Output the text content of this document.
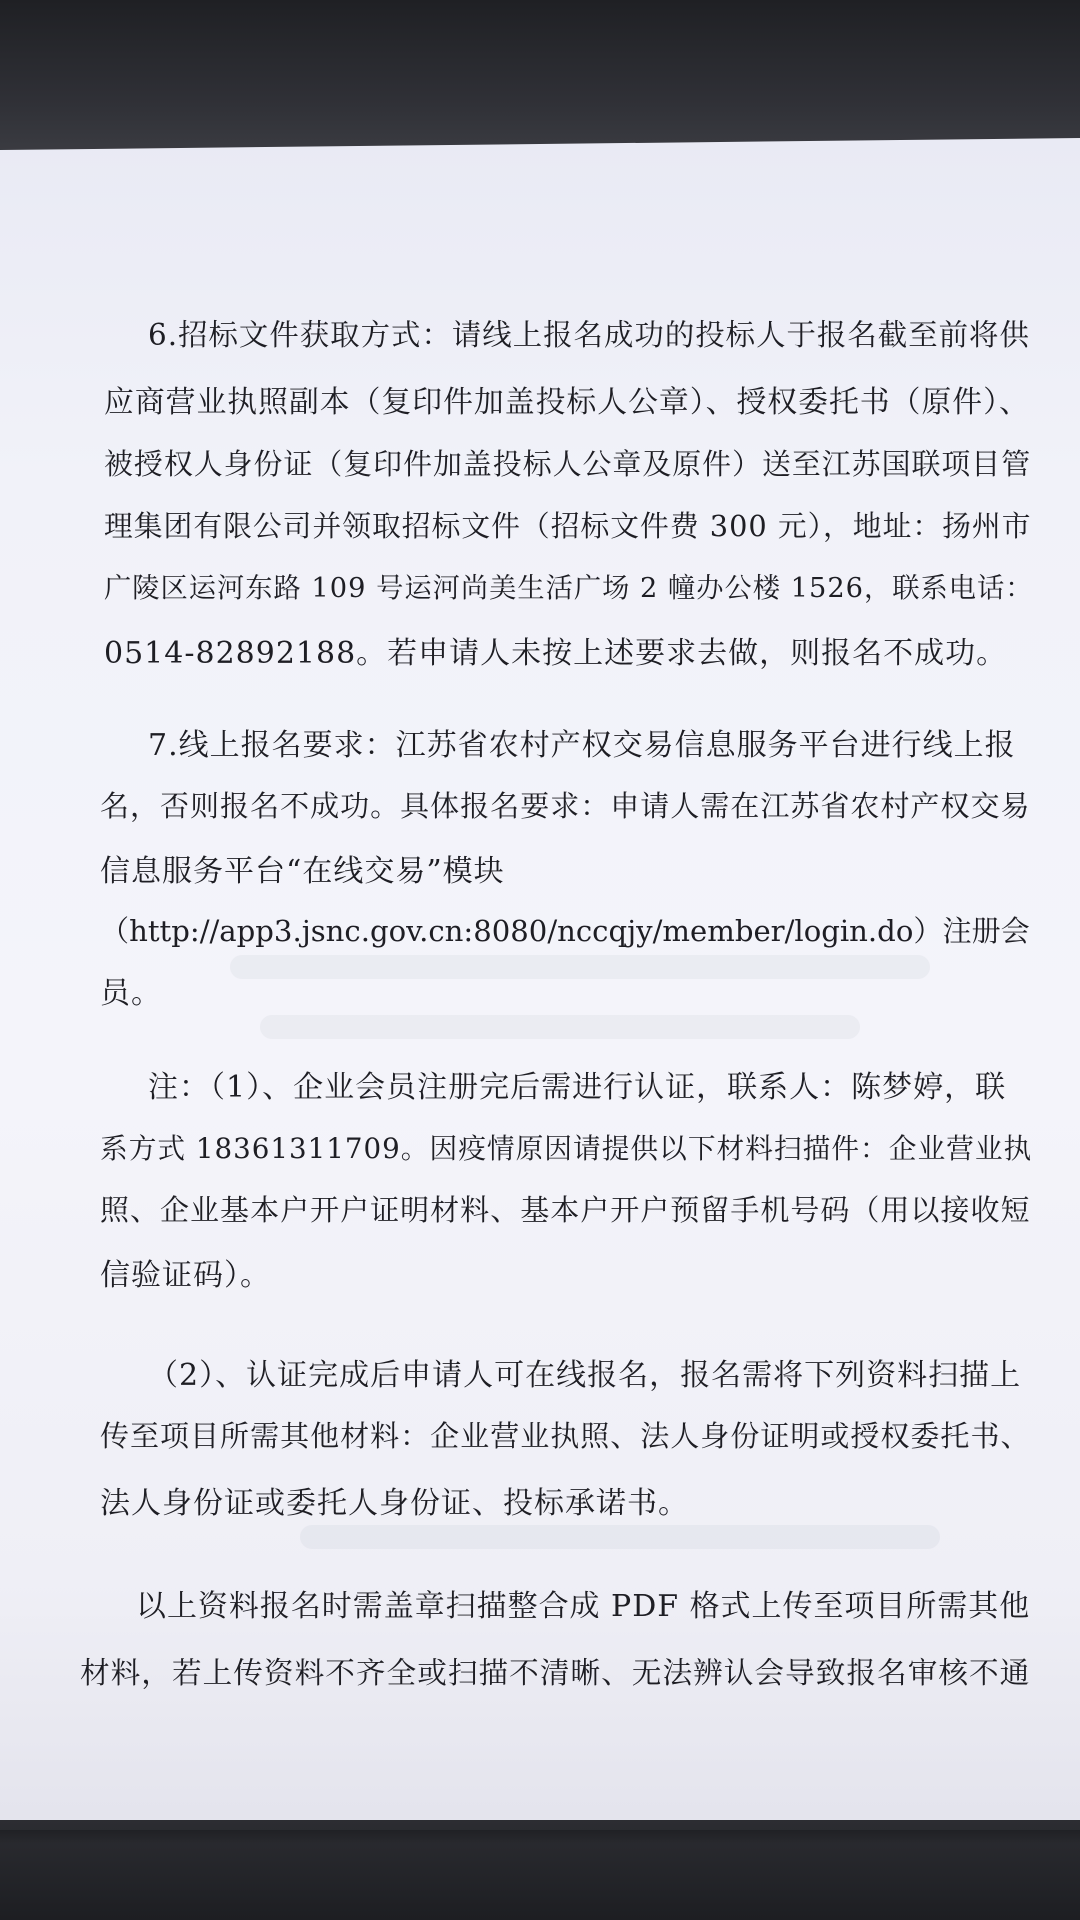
6.招标文件获取方式：请线上报名成功的投标人于报名截至前将供
应商营业执照副本（复印件加盖投标人公章）、授权委托书（原件）、
被授权人身份证（复印件加盖投标人公章及原件）送至江苏国联项目管
理集团有限公司并领取招标文件（招标文件费 300 元），地址：扬州市
广陵区运河东路 109 号运河尚美生活广场 2 幢办公楼 1526，联系电话：
0514-82892188。若申请人未按上述要求去做，则报名不成功。
7.线上报名要求：江苏省农村产权交易信息服务平台进行线上报
名，否则报名不成功。具体报名要求：申请人需在江苏省农村产权交易
信息服务平台“在线交易”模块
（http://app3.jsnc.gov.cn:8080/nccqjy/member/login.do）注册会
员。
注：（1）、企业会员注册完后需进行认证，联系人：陈梦婷，联
系方式 18361311709。因疫情原因请提供以下材料扫描件：企业营业执
照、企业基本户开户证明材料、基本户开户预留手机号码（用以接收短
信验证码）。
（2）、认证完成后申请人可在线报名，报名需将下列资料扫描上
传至项目所需其他材料：企业营业执照、法人身份证明或授权委托书、
法人身份证或委托人身份证、投标承诺书。
以上资料报名时需盖章扫描整合成 PDF 格式上传至项目所需其他
材料，若上传资料不齐全或扫描不清晰、无法辨认会导致报名审核不通
